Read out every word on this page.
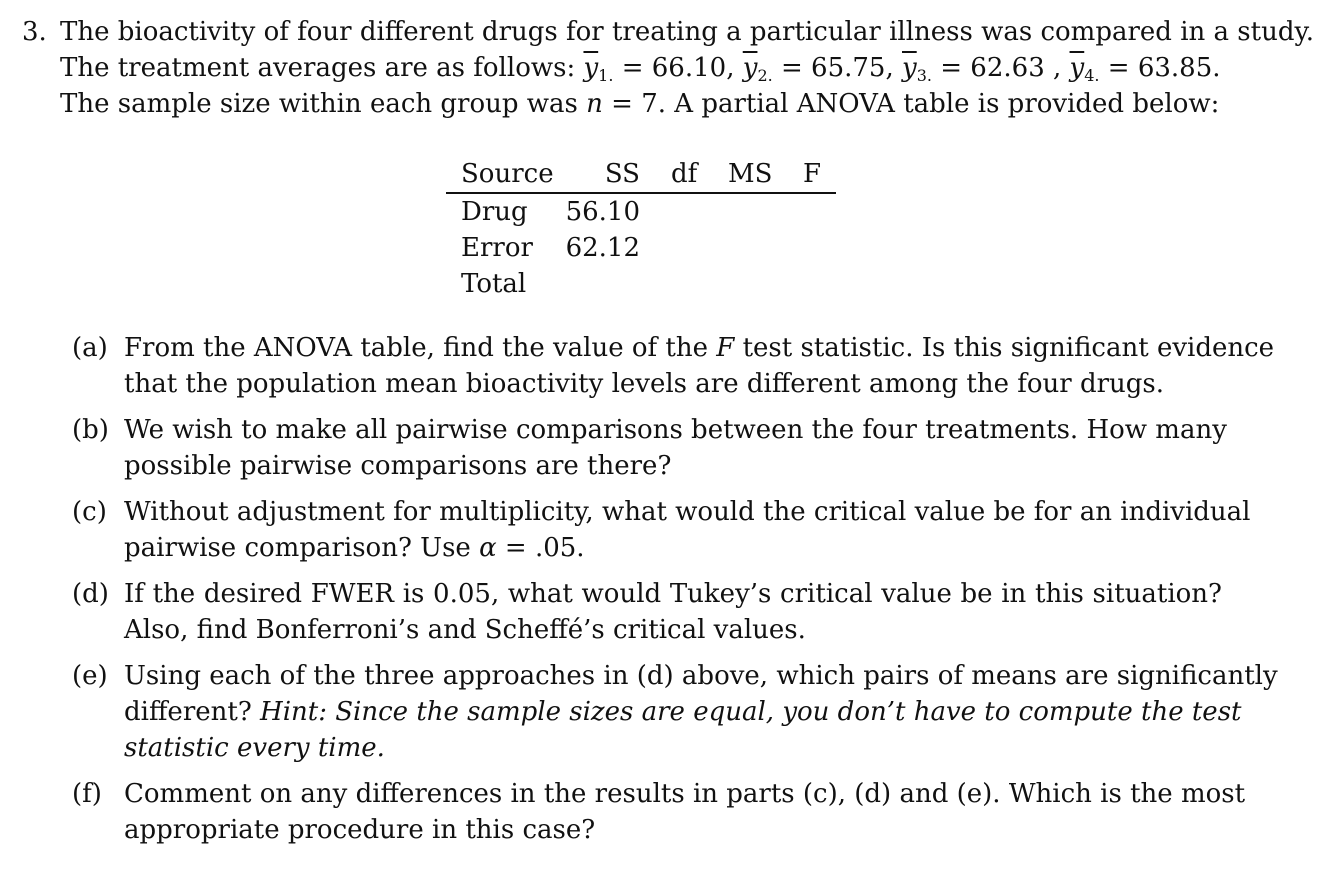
3. The bioactivity of four different drugs for treating a particular illness was compared in a study.
The treatment averages are as follows: $\overline{y}_{1.} = 66.10$, $\overline{y}_{2.} = 65.75$, $\overline{y}_{3.} = 62.63$ , $\overline{y}_{4.} = 63.85$.
The sample size within each group was n = 7. A partial ANOVA table is provided below:
Source SS df MS F
Drug 56.10
Error 62.12
Total
(a) From the ANOVA table, find the value of the F test statistic. Is this significant evidence
that the population mean bioactivity levels are different among the four drugs.
(b) We wish to make all pairwise comparisons between the four treatments. How many
possible pairwise comparisons are there?
(c) Without adjustment for multiplicity, what would the critical value be for an individual
pairwise comparison? Use α = .05.
(d) If the desired FWER is 0.05, what would Tukey’s critical value be in this situation?
Also, find Bonferroni’s and Scheffé’s critical values.
(e) Using each of the three approaches in (d) above, which pairs of means are significantly
different? Hint: Since the sample sizes are equal, you don’t have to compute the test
statistic every time.
(f) Comment on any differences in the results in parts (c), (d) and (e). Which is the most
appropriate procedure in this case?
